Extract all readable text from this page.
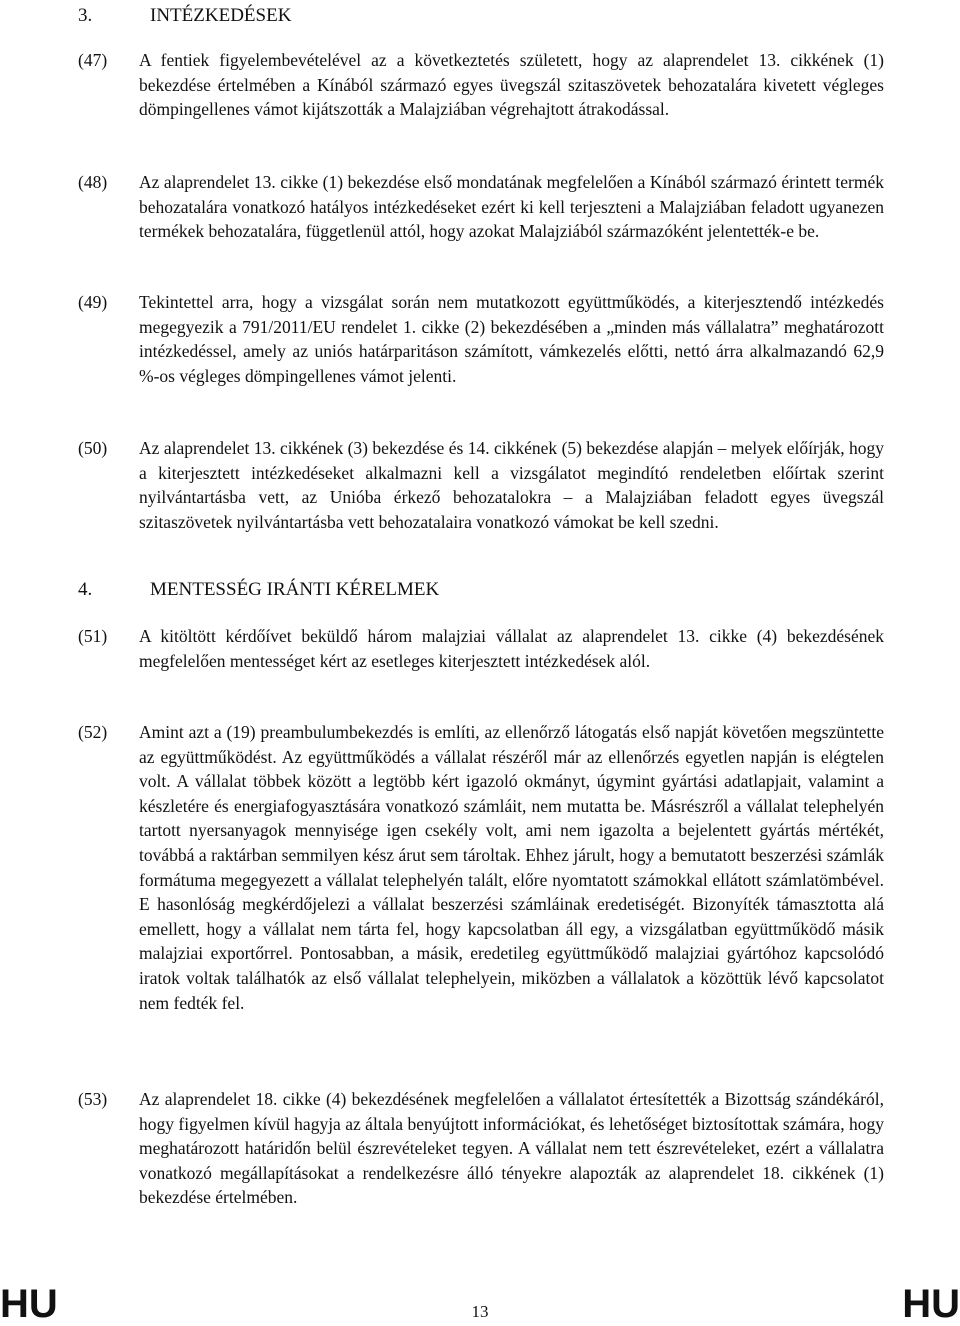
3.	INTÉZKEDÉSEK
(47) A fentiek figyelembevételével az a következtetés született, hogy az alaprendelet 13. cikkének (1) bekezdése értelmében a Kínából származó egyes üvegszál szitaszövetek behozatalára kivetett végleges dömpingellenes vámot kijátszották a Malajziában végrehajtott átrakodással.
(48) Az alaprendelet 13. cikke (1) bekezdése első mondatának megfelelően a Kínából származó érintett termék behozatalára vonatkozó hatályos intézkedéseket ezért ki kell terjeszteni a Malajziában feladott ugyanezen termékek behozatalára, függetlenül attól, hogy azokat Malajziából származóként jelentették-e be.
(49) Tekintettel arra, hogy a vizsgálat során nem mutatkozott együttműködés, a kiterjesztendő intézkedés megegyezik a 791/2011/EU rendelet 1. cikke (2) bekezdésében a „minden más vállalatra” meghatározott intézkedéssel, amely az uniós határparitáson számított, vámkezelés előtti, nettó árra alkalmazandó 62,9 %-os végleges dömpingellenes vámot jelenti.
(50) Az alaprendelet 13. cikkének (3) bekezdése és 14. cikkének (5) bekezdése alapján – melyek előírják, hogy a kiterjesztett intézkedéseket alkalmazni kell a vizsgálatot megindító rendeletben előírtak szerint nyilvántartásba vett, az Unióba érkező behozatalokra – a Malajziában feladott egyes üvegszál szitaszövetek nyilvántartásba vett behozatalaira vonatkozó vámokat be kell szedni.
4.	MENTESSÉG IRÁNTI KÉRELMEK
(51) A kitöltött kérdőívet beküldő három malajziai vállalat az alaprendelet 13. cikke (4) bekezdésének megfelelően mentességet kért az esetleges kiterjesztett intézkedések alól.
(52) Amint azt a (19) preambulumbekezdés is említi, az ellenőrző látogatás első napját követően megszüntette az együttműködést. Az együttműködés a vállalat részéről már az ellenőrzés egyetlen napján is elégtelen volt. A vállalat többek között a legtöbb kért igazoló okmányt, úgymint gyártási adatlapjait, valamint a készletére és energiafogyasztására vonatkozó számláit, nem mutatta be. Másrészről a vállalat telephelyén tartott nyersanyagok mennyisége igen csekély volt, ami nem igazolta a bejelentett gyártás mértékét, továbbá a raktárban semmilyen kész árut sem tároltak. Ehhez járult, hogy a bemutatott beszerzési számlák formátuma megegyezett a vállalat telephelyén talált, előre nyomtatott számokkal ellátott számlatömbével. E hasonlóság megkérdőjelezi a vállalat beszerzési számláinak eredetiségét. Bizonyíték támasztotta alá emellett, hogy a vállalat nem tárta fel, hogy kapcsolatban áll egy, a vizsgálatban együttműködő másik malajziai exportőrrel. Pontosabban, a másik, eredetileg együttműködő malajziai gyártóhoz kapcsolódó iratok voltak találhatók az első vállalat telephelyein, miközben a vállalatok a közöttük lévő kapcsolatot nem fedték fel.
(53) Az alaprendelet 18. cikke (4) bekezdésének megfelelően a vállalatot értesítették a Bizottság szándékáról, hogy figyelmen kívül hagyja az általa benyújtott információkat, és lehetőséget biztosítottak számára, hogy meghatározott határidőn belül észrevételeket tegyen. A vállalat nem tett észrevételeket, ezért a vállalatra vonatkozó megállapításokat a rendelkezésre álló tényekre alapozták az alaprendelet 18. cikkének (1) bekezdése értelmében.
HU	13	HU
